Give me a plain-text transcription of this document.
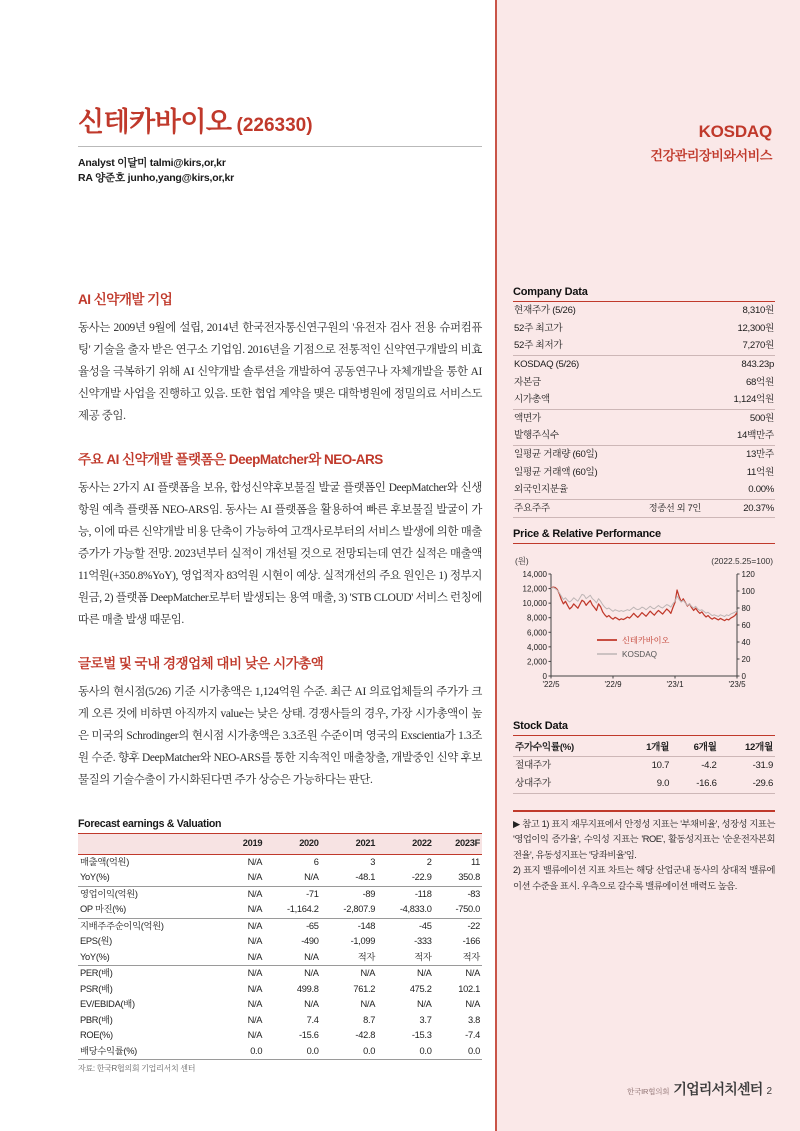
신테카바이오 (226330)
Analyst 이달미 talmi@kirs,or,kr
RA 양준호 junho,yang@kirs,or,kr
KOSDAQ
건강관리장비와서비스
AI 신약개발 기업
동사는 2009년 9월에 설립, 2014년 한국전자통신연구원의 '유전자 검사 전용 슈퍼컴퓨팅' 기술을 출자 받은 연구소 기업임. 2016년을 기점으로 전통적인 신약연구개발의 비효율성을 극복하기 위해 AI 신약개발 솔루션을 개발하여 공동연구나 자체개발을 통한 AI 신약개발 사업을 진행하고 있음. 또한 협업 계약을 맺은 대학병원에 정밀의료 서비스도 제공 중임.
주요 AI 신약개발 플랫폼은 DeepMatcher와 NEO-ARS
동사는 2가지 AI 플랫폼을 보유, 합성신약후보물질 발굴 플랫폼인 DeepMatcher와 신생항원 예측 플랫폼 NEO-ARS임. 동사는 AI 플랫폼을 활용하여 빠른 후보물질 발굴이 가능, 이에 따른 신약개발 비용 단축이 가능하여 고객사로부터의 서비스 발생에 의한 매출증가가 가능할 전망. 2023년부터 실적이 개선될 것으로 전망되는데 연간 실적은 매출액 11억원(+350.8%YoY), 영업적자 83억원 시현이 예상. 실적개선의 주요 원인은 1) 정부지원금, 2) 플랫폼 DeepMatcher로부터 발생되는 용역 매출, 3) 'STB CLOUD' 서비스 런칭에 따른 매출 발생 때문임.
글로벌 및 국내 경쟁업체 대비 낮은 시가총액
동사의 현시점(5/26) 기준 시가총액은 1,124억원 수준. 최근 AI 의료업체들의 주가가 크게 오른 것에 비하면 아직까지 value는 낮은 상태. 경쟁사들의 경우, 가장 시가총액이 높은 미국의 Schrodinger의 현시점 시가총액은 3.3조원 수준이며 영국의 Exscientia가 1.3조원 수준. 향후 DeepMatcher와 NEO-ARS를 통한 지속적인 매출창출, 개발중인 신약 후보물질의 기술수출이 가시화된다면 주가 상승은 가능하다는 판단.
Forecast earnings & Valuation
	2019	2020	2021	2022	2023F
매출액(억원)	N/A	6	3	2	11
YoY(%)	N/A	N/A	-48.1	-22.9	350.8
영업이익(억원)	N/A	-71	-89	-118	-83
OP 마진(%)	N/A	-1,164.2	-2,807.9	-4,833.0	-750.0
지배주주순이익(억원)	N/A	-65	-148	-45	-22
EPS(원)	N/A	-490	-1,099	-333	-166
YoY(%)	N/A	N/A	적자	적자	적자
PER(배)	N/A	N/A	N/A	N/A	N/A
PSR(배)	N/A	499.8	761.2	475.2	102.1
EV/EBIDA(배)	N/A	N/A	N/A	N/A	N/A
PBR(배)	N/A	7.4	8.7	3.7	3.8
ROE(%)	N/A	-15.6	-42.8	-15.3	-7.4
배당수익률(%)	0.0	0.0	0.0	0.0	0.0
자료: 한국R협의회 기업리서치 센터
Company Data
현재주가 (5/26)		8,310원
52주 최고가		12,300원
52주 최저가		7,270원
KOSDAQ (5/26)		843.23p
자본금		68억원
시가총액		1,124억원
액면가		500원
발행주식수		14백만주
일평균 거래량 (60일)		13만주
일평균 거래액 (60일)		11억원
외국인지분율		0.00%
주요주주	정종선 외 7인	20.37%
Price & Relative Performance
(원)	(2022.5.25=100)
0
2,000
4,000
6,000
8,000
10,000
12,000
14,000
0
20
40
60
80
100
120
'22/5	'22/9	'23/1	'23/5
신테카바이오
KOSDAQ
Stock Data
주가수익률(%)	1개월	6개월	12개월
절대주가	10.7	-4.2	-31.9
상대주가	9.0	-16.6	-29.6
▶ 참고 1) 표지 재무지표에서 안정성 지표는 '부채비율', 성장성 지표는 '영업이익 증가율', 수익성 지표는 'ROE', 활동성지표는 '순운전자본회전율', 유동성지표는 '당좌비율'임.
2) 표지 밸류에이션 지표 차트는 해당 산업군내 동사의 상대적 밸류에이션 수준을 표시. 우측으로 갈수록 밸류에이션 매력도 높음.
한국IR협의회 기업리서치센터 2
